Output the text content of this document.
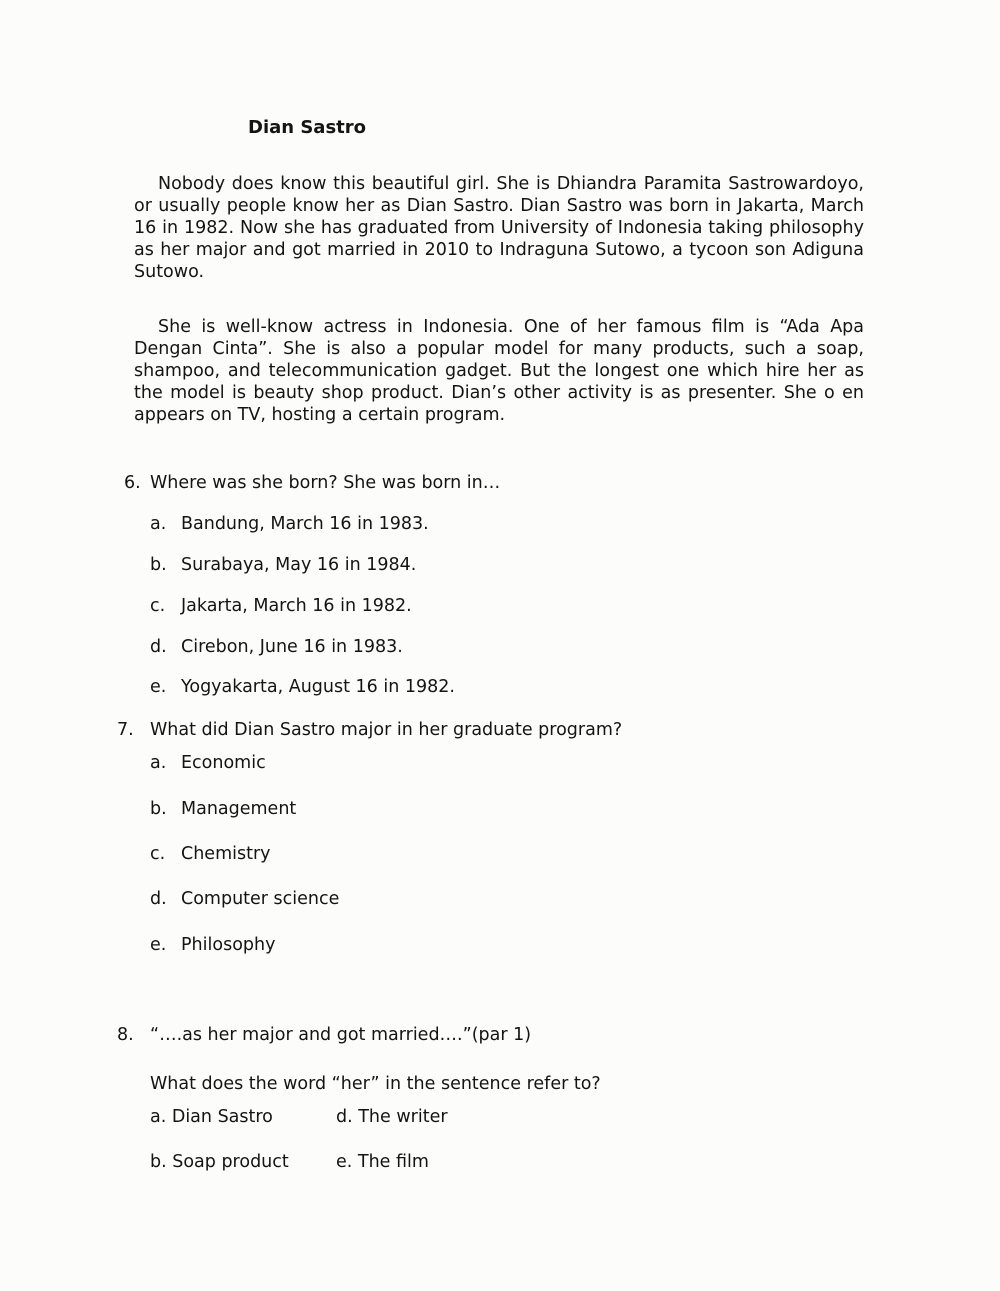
Dian Sastro

Nobody does know this beautiful girl. She is Dhiandra Paramita Sastrowardoyo, or usually people know her as Dian Sastro. Dian Sastro was born in Jakarta, March 16 in 1982. Now she has graduated from University of Indonesia taking philosophy as her major and got married in 2010 to Indraguna Sutowo, a tycoon son Adiguna Sutowo.

She is well-know actress in Indonesia. One of her famous film is “Ada Apa Dengan Cinta”. She is also a popular model for many products, such a soap, shampoo, and telecommunication gadget. But the longest one which hire her as the model is beauty shop product. Dian’s other activity is as presenter. She o en appears on TV, hosting a certain program.

6. Where was she born? She was born in…
a. Bandung, March 16 in 1983.
b. Surabaya, May 16 in 1984.
c. Jakarta, March 16 in 1982.
d. Cirebon, June 16 in 1983.
e. Yogyakarta, August 16 in 1982.
7. What did Dian Sastro major in her graduate program?
a. Economic
b. Management
c. Chemistry
d. Computer science
e. Philosophy
8. “….as her major and got married….”(par 1)
What does the word “her” in the sentence refer to?
a. Dian Sastro	d. The writer
b. Soap product	e. The film
